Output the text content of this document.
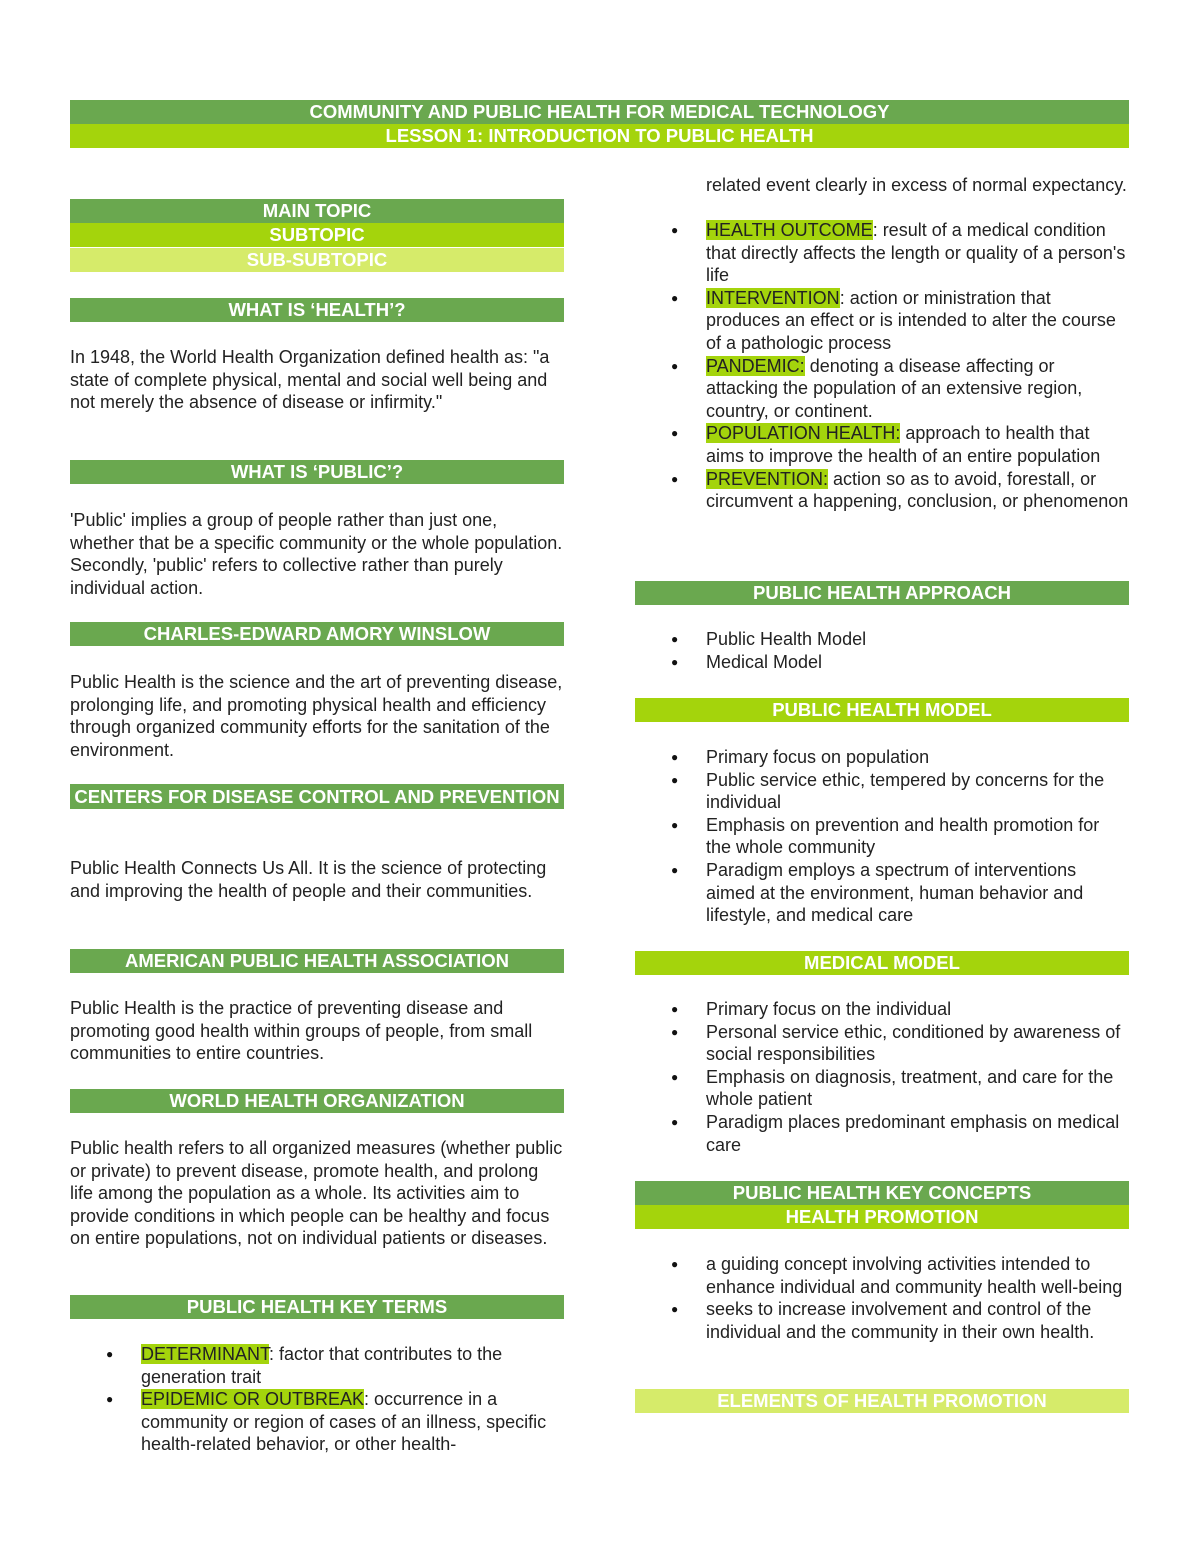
COMMUNITY AND PUBLIC HEALTH FOR MEDICAL TECHNOLOGY
LESSON 1: INTRODUCTION TO PUBLIC HEALTH
MAIN TOPIC
SUBTOPIC
SUB-SUBTOPIC
WHAT IS ‘HEALTH’?

In 1948, the World Health Organization defined health as: "a state of complete physical, mental and social well being and not merely the absence of disease or infirmity."

WHAT IS ‘PUBLIC’?

'Public' implies a group of people rather than just one, whether that be a specific community or the whole population. Secondly, 'public' refers to collective rather than purely individual action.

CHARLES-EDWARD AMORY WINSLOW

Public Health is the science and the art of preventing disease, prolonging life, and promoting physical health and efficiency through organized community efforts for the sanitation of the environment.

CENTERS FOR DISEASE CONTROL AND PREVENTION

Public Health Connects Us All. It is the science of protecting and improving the health of people and their communities.

AMERICAN PUBLIC HEALTH ASSOCIATION

Public Health is the practice of preventing disease and promoting good health within groups of people, from small communities to entire countries.

WORLD HEALTH ORGANIZATION

Public health refers to all organized measures (whether public or private) to prevent disease, promote health, and prolong life among the population as a whole. Its activities aim to provide conditions in which people can be healthy and focus on entire populations, not on individual patients or diseases.

PUBLIC HEALTH KEY TERMS
● DETERMINANT: factor that contributes to the generation trait
● EPIDEMIC OR OUTBREAK: occurrence in a community or region of cases of an illness, specific health-related behavior, or other health-

related event clearly in excess of normal expectancy.

● HEALTH OUTCOME: result of a medical condition that directly affects the length or quality of a person's life
● INTERVENTION: action or ministration that produces an effect or is intended to alter the course of a pathologic process
● PANDEMIC: denoting a disease affecting or attacking the population of an extensive region, country, or continent.
● POPULATION HEALTH: approach to health that aims to improve the health of an entire population
● PREVENTION: action so as to avoid, forestall, or circumvent a happening, conclusion, or phenomenon
PUBLIC HEALTH APPROACH
● Public Health Model
● Medical Model
PUBLIC HEALTH MODEL
● Primary focus on population
● Public service ethic, tempered by concerns for the individual
● Emphasis on prevention and health promotion for the whole community
● Paradigm employs a spectrum of interventions aimed at the environment, human behavior and lifestyle, and medical care
MEDICAL MODEL
● Primary focus on the individual
● Personal service ethic, conditioned by awareness of social responsibilities
● Emphasis on diagnosis, treatment, and care for the whole patient
● Paradigm places predominant emphasis on medical care
PUBLIC HEALTH KEY CONCEPTS
HEALTH PROMOTION
● a guiding concept involving activities intended to enhance individual and community health well-being
● seeks to increase involvement and control of the individual and the community in their own health.
ELEMENTS OF HEALTH PROMOTION
